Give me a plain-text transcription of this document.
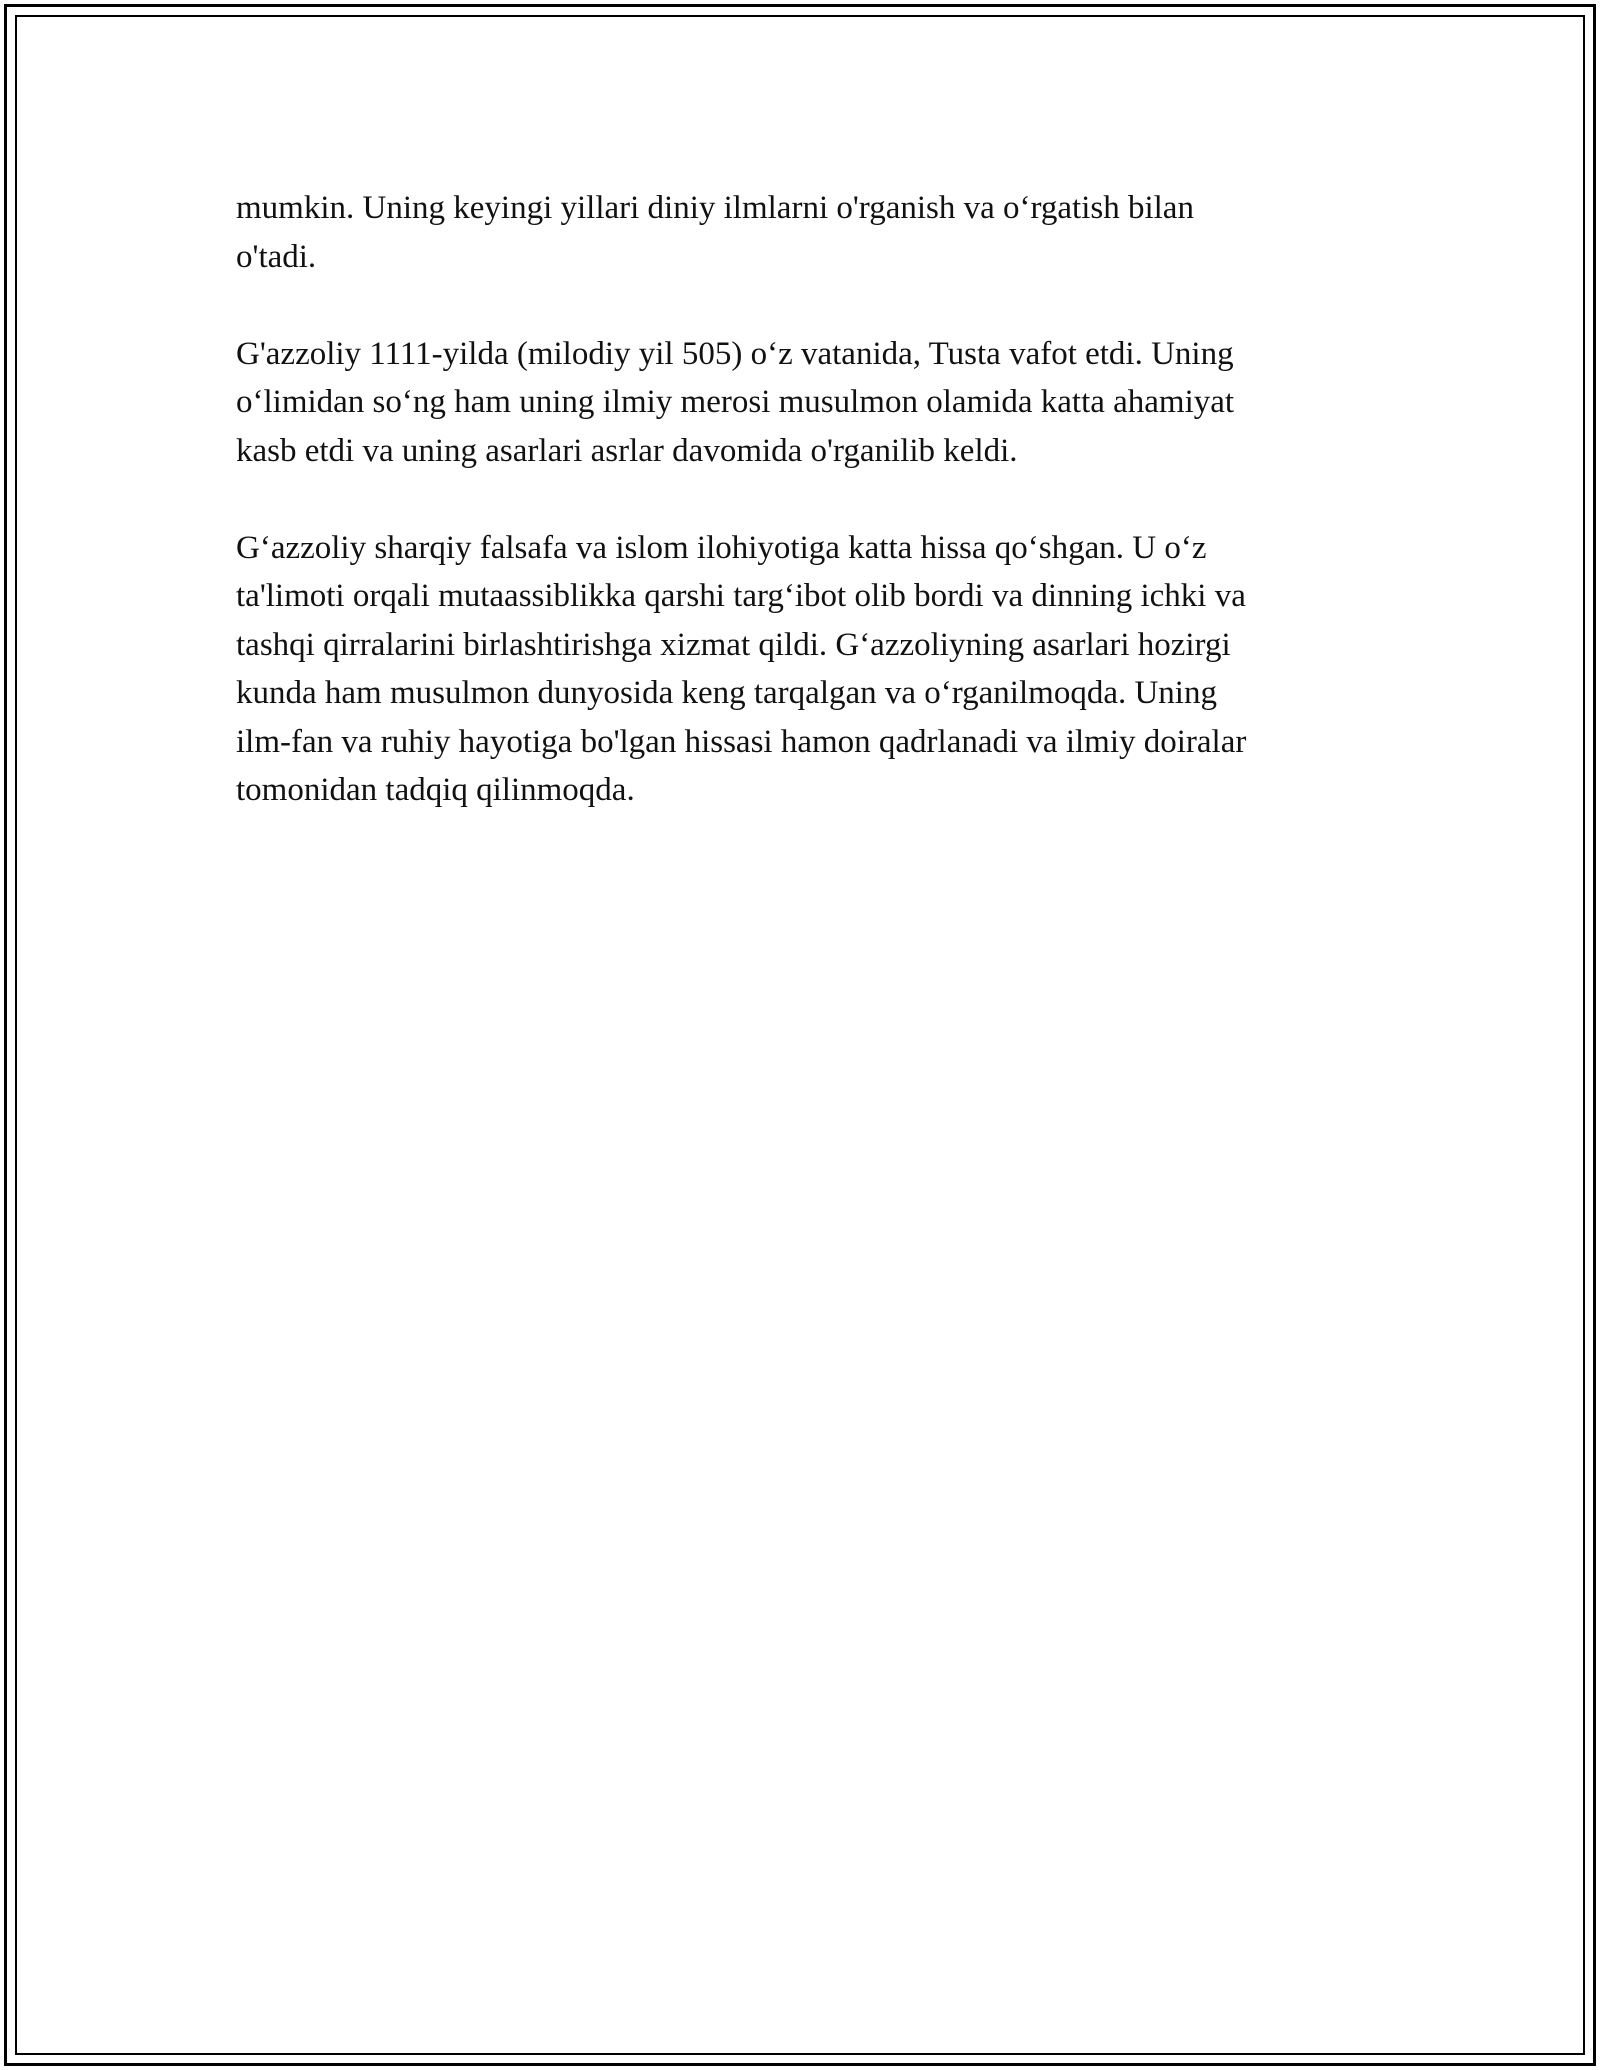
mumkin. Uning keyingi yillari diniy ilmlarni o'rganish va o‘rgatish bilan
o'tadi.

G'azzoliy 1111-yilda (milodiy yil 505) o‘z vatanida, Tusta vafot etdi. Uning
o‘limidan so‘ng ham uning ilmiy merosi musulmon olamida katta ahamiyat
kasb etdi va uning asarlari asrlar davomida o'rganilib keldi.

G‘azzoliy sharqiy falsafa va islom ilohiyotiga katta hissa qo‘shgan. U o‘z
ta'limoti orqali mutaassiblikka qarshi targ‘ibot olib bordi va dinning ichki va
tashqi qirralarini birlashtirishga xizmat qildi. G‘azzoliyning asarlari hozirgi
kunda ham musulmon dunyosida keng tarqalgan va o‘rganilmoqda. Uning
ilm-fan va ruhiy hayotiga bo'lgan hissasi hamon qadrlanadi va ilmiy doiralar
tomonidan tadqiq qilinmoqda.
